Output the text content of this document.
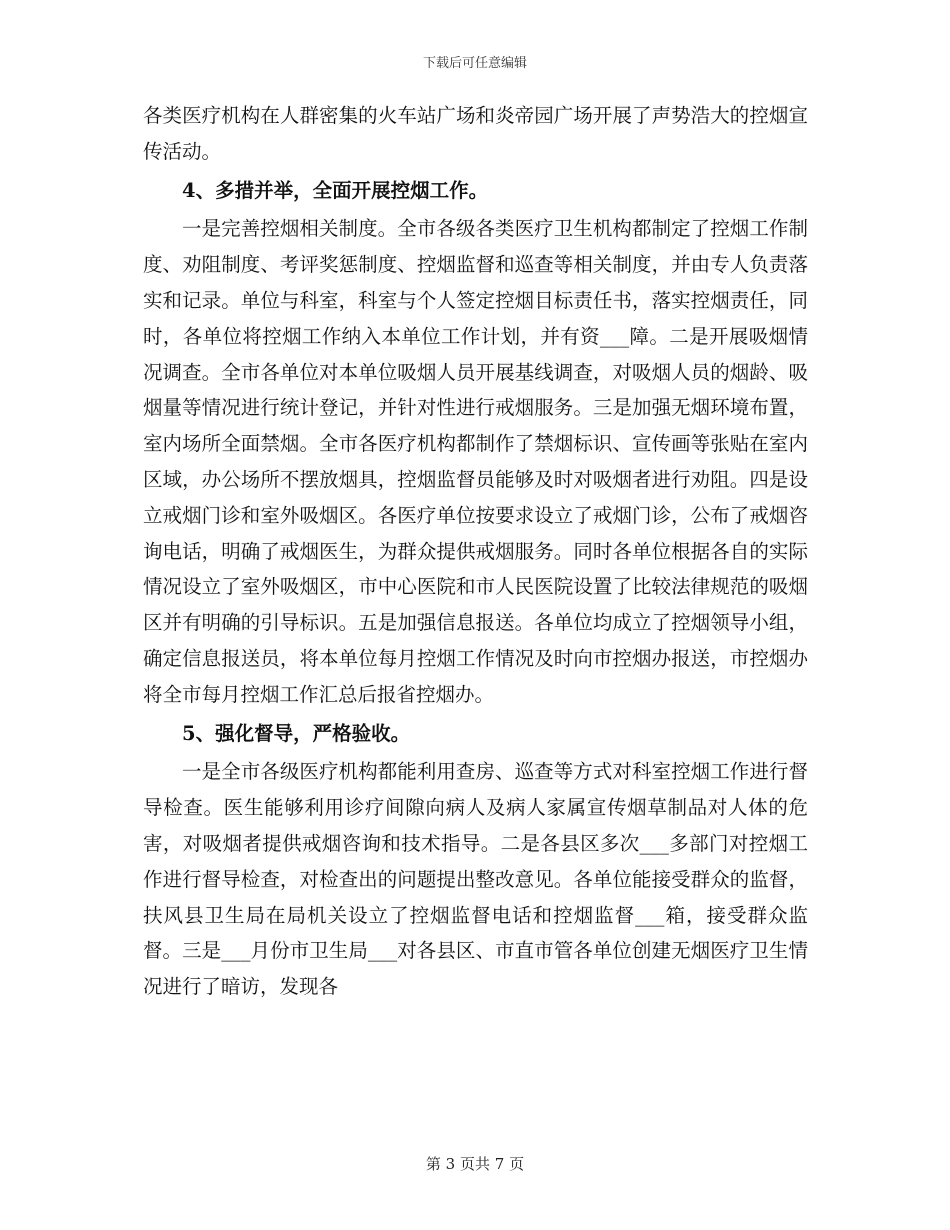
下载后可任意编辑

各类医疗机构在人群密集的火车站广场和炎帝园广场开展了声势浩大的控烟宣传活动。

4、多措并举，全面开展控烟工作。

一是完善控烟相关制度。全市各级各类医疗卫生机构都制定了控烟工作制度、劝阻制度、考评奖惩制度、控烟监督和巡查等相关制度，并由专人负责落实和记录。单位与科室，科室与个人签定控烟目标责任书，落实控烟责任，同时，各单位将控烟工作纳入本单位工作计划，并有资___障。二是开展吸烟情况调查。全市各单位对本单位吸烟人员开展基线调查，对吸烟人员的烟龄、吸烟量等情况进行统计登记，并针对性进行戒烟服务。三是加强无烟环境布置，室内场所全面禁烟。全市各医疗机构都制作了禁烟标识、宣传画等张贴在室内区域，办公场所不摆放烟具，控烟监督员能够及时对吸烟者进行劝阻。四是设立戒烟门诊和室外吸烟区。各医疗单位按要求设立了戒烟门诊，公布了戒烟咨询电话，明确了戒烟医生，为群众提供戒烟服务。同时各单位根据各自的实际情况设立了室外吸烟区，市中心医院和市人民医院设置了比较法律规范的吸烟区并有明确的引导标识。五是加强信息报送。各单位均成立了控烟领导小组，确定信息报送员，将本单位每月控烟工作情况及时向市控烟办报送，市控烟办将全市每月控烟工作汇总后报省控烟办。

5、强化督导，严格验收。

一是全市各级医疗机构都能利用查房、巡查等方式对科室控烟工作进行督导检查。医生能够利用诊疗间隙向病人及病人家属宣传烟草制品对人体的危害，对吸烟者提供戒烟咨询和技术指导。二是各县区多次___多部门对控烟工作进行督导检查，对检查出的问题提出整改意见。各单位能接受群众的监督，扶风县卫生局在局机关设立了控烟监督电话和控烟监督___箱，接受群众监督。三是___月份市卫生局___对各县区、市直市管各单位创建无烟医疗卫生情况进行了暗访，发现各

第 3 页共 7 页
